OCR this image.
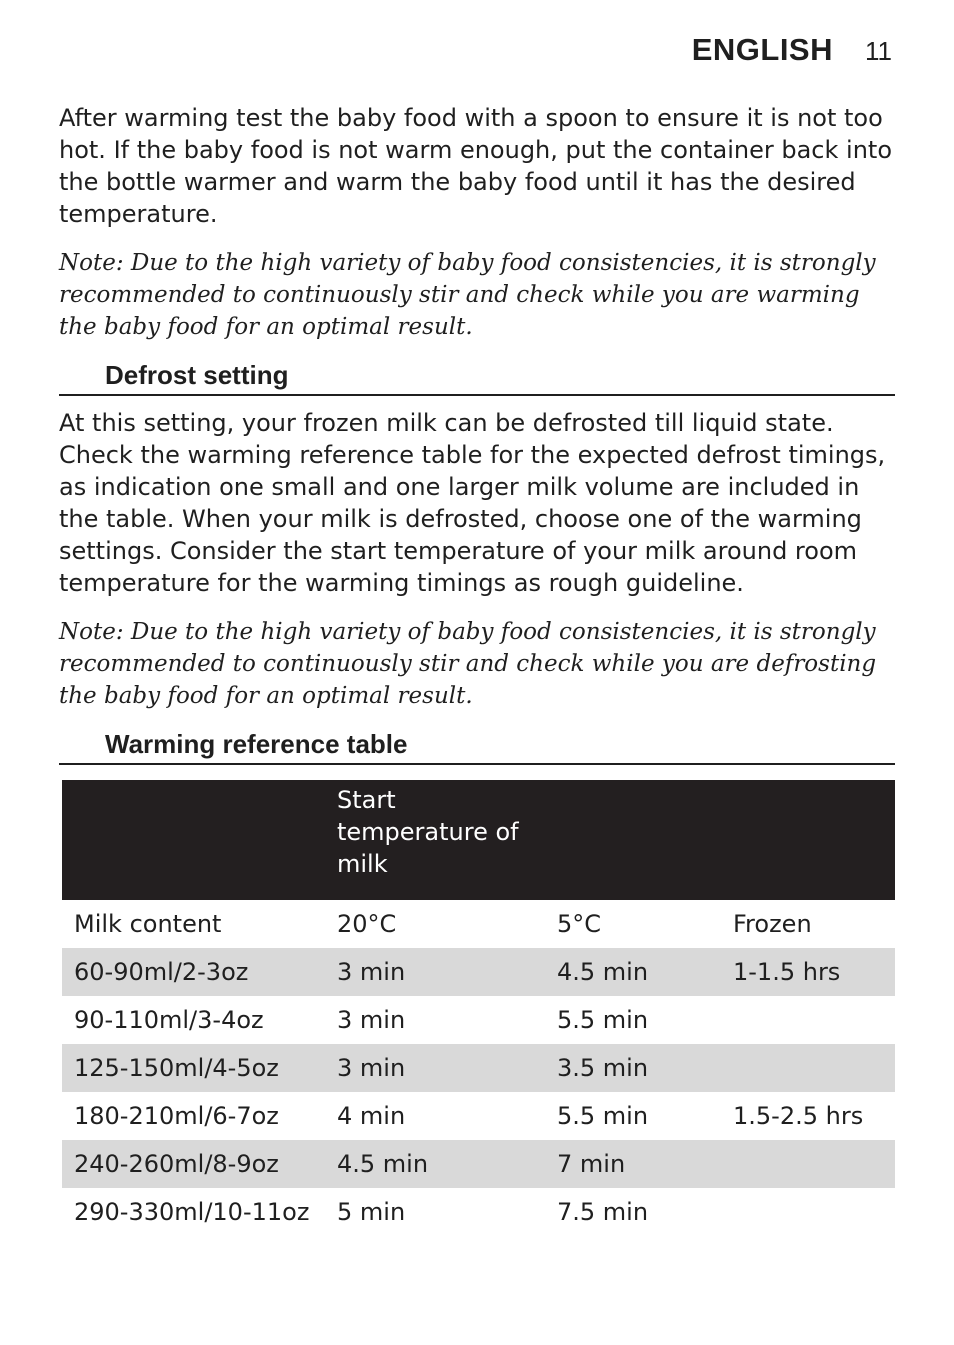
ENGLISH 11

After warming test the baby food with a spoon to ensure it is not too hot. If the baby food is not warm enough, put the container back into the bottle warmer and warm the baby food until it has the desired temperature.

Note: Due to the high variety of baby food consistencies, it is strongly recommended to continuously stir and check while you are warming the baby food for an optimal result.

Defrost setting

At this setting, your frozen milk can be defrosted till liquid state. Check the warming reference table for the expected defrost timings, as indication one small and one larger milk volume are included in the table. When your milk is defrosted, choose one of the warming settings. Consider the start temperature of your milk around room temperature for the warming timings as rough guideline.

Note: Due to the high variety of baby food consistencies, it is strongly recommended to continuously stir and check while you are defrosting the baby food for an optimal result.

Warming reference table
	Start temperature of milk		
Milk content	20°C	5°C	Frozen
60-90ml/2-3oz	3 min	4.5 min	1-1.5 hrs
90-110ml/3-4oz	3 min	5.5 min	
125-150ml/4-5oz	3 min	3.5 min	
180-210ml/6-7oz	4 min	5.5 min	1.5-2.5 hrs
240-260ml/8-9oz	4.5 min	7 min	
290-330ml/10-11oz	5 min	7.5 min	
